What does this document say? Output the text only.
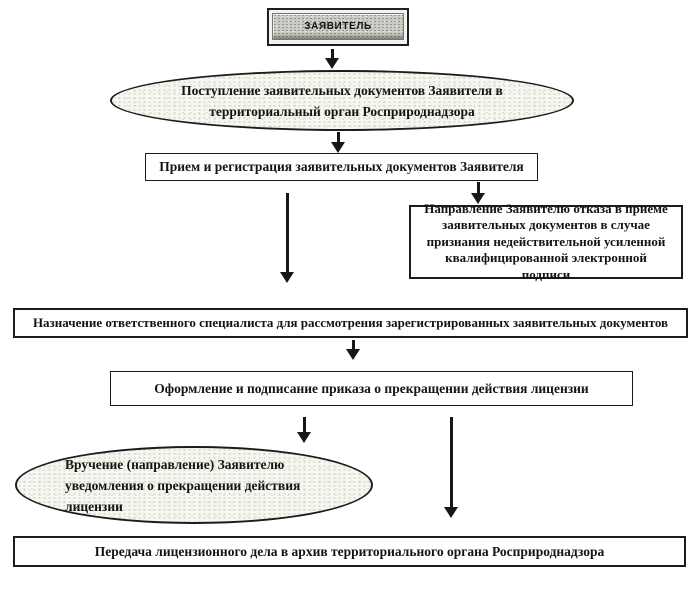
ЗАЯВИТЕЛЬ
Поступление заявительных документов Заявителя в территориальный орган Росприроднадзора
Прием и регистрация заявительных документов Заявителя
Направление Заявителю отказа в приеме заявительных документов в случае признания недействительной усиленной квалифицированной электронной подписи
Назначение ответственного специалиста для рассмотрения зарегистрированных заявительных документов
Оформление и подписание приказа о прекращении действия лицензии
Вручение (направление) Заявителю уведомления о прекращении действия лицензии
Передача лицензионного дела в архив территориального органа Росприроднадзора
